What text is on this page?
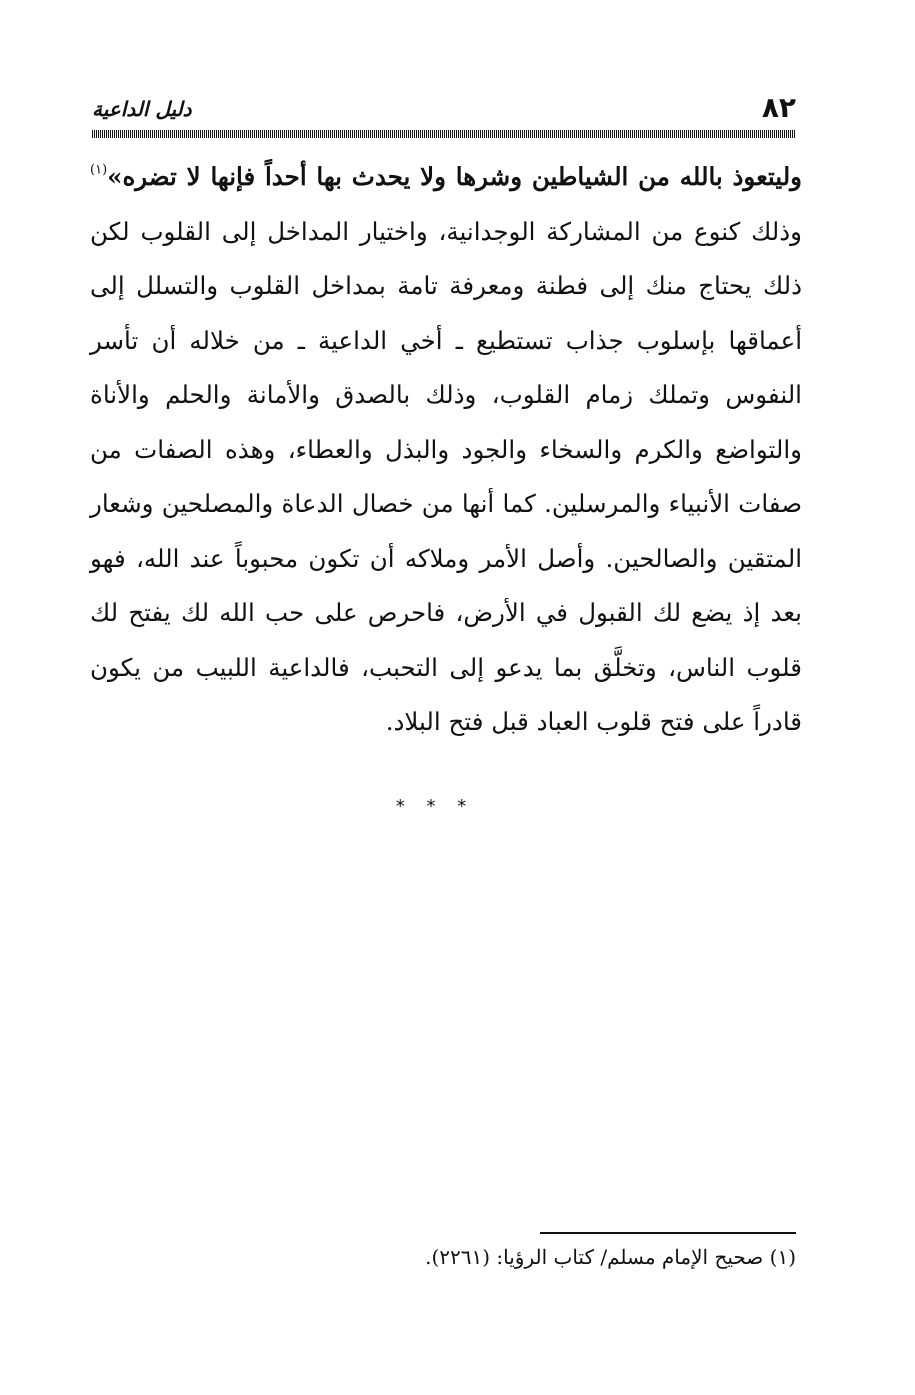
٨٢
دليل الداعية
وليتعوذ بالله من الشياطين وشرها ولا يحدث بها أحداً فإنها لا تضره»$^{(١)}$ وذلك كنوع من المشاركة الوجدانية، واختيار المداخل إلى القلوب لكن ذلك يحتاج منك إلى فطنة ومعرفة تامة بمداخل القلوب والتسلل إلى أعماقها بإسلوب جذاب تستطيع ـ أخي الداعية ـ من خلاله أن تأسر النفوس وتملك زمام القلوب، وذلك بالصدق والأمانة والحلم والأناة والتواضع والكرم والسخاء والجود والبذل والعطاء، وهذه الصفات من صفات الأنبياء والمرسلين. كما أنها من خصال الدعاة والمصلحين وشعار المتقين والصالحين. وأصل الأمر وملاكه أن تكون محبوباً عند الله، فهو بعد إذ يضع لك القبول في الأرض، فاحرص على حب الله لك يفتح لك قلوب الناس، وتخلَّق بما يدعو إلى التحبب، فالداعية اللبيب من يكون قادراً على فتح قلوب العباد قبل فتح البلاد.
* * *
(١) صحيح الإمام مسلم/ كتاب الرؤيا: (٢٢٦١).
